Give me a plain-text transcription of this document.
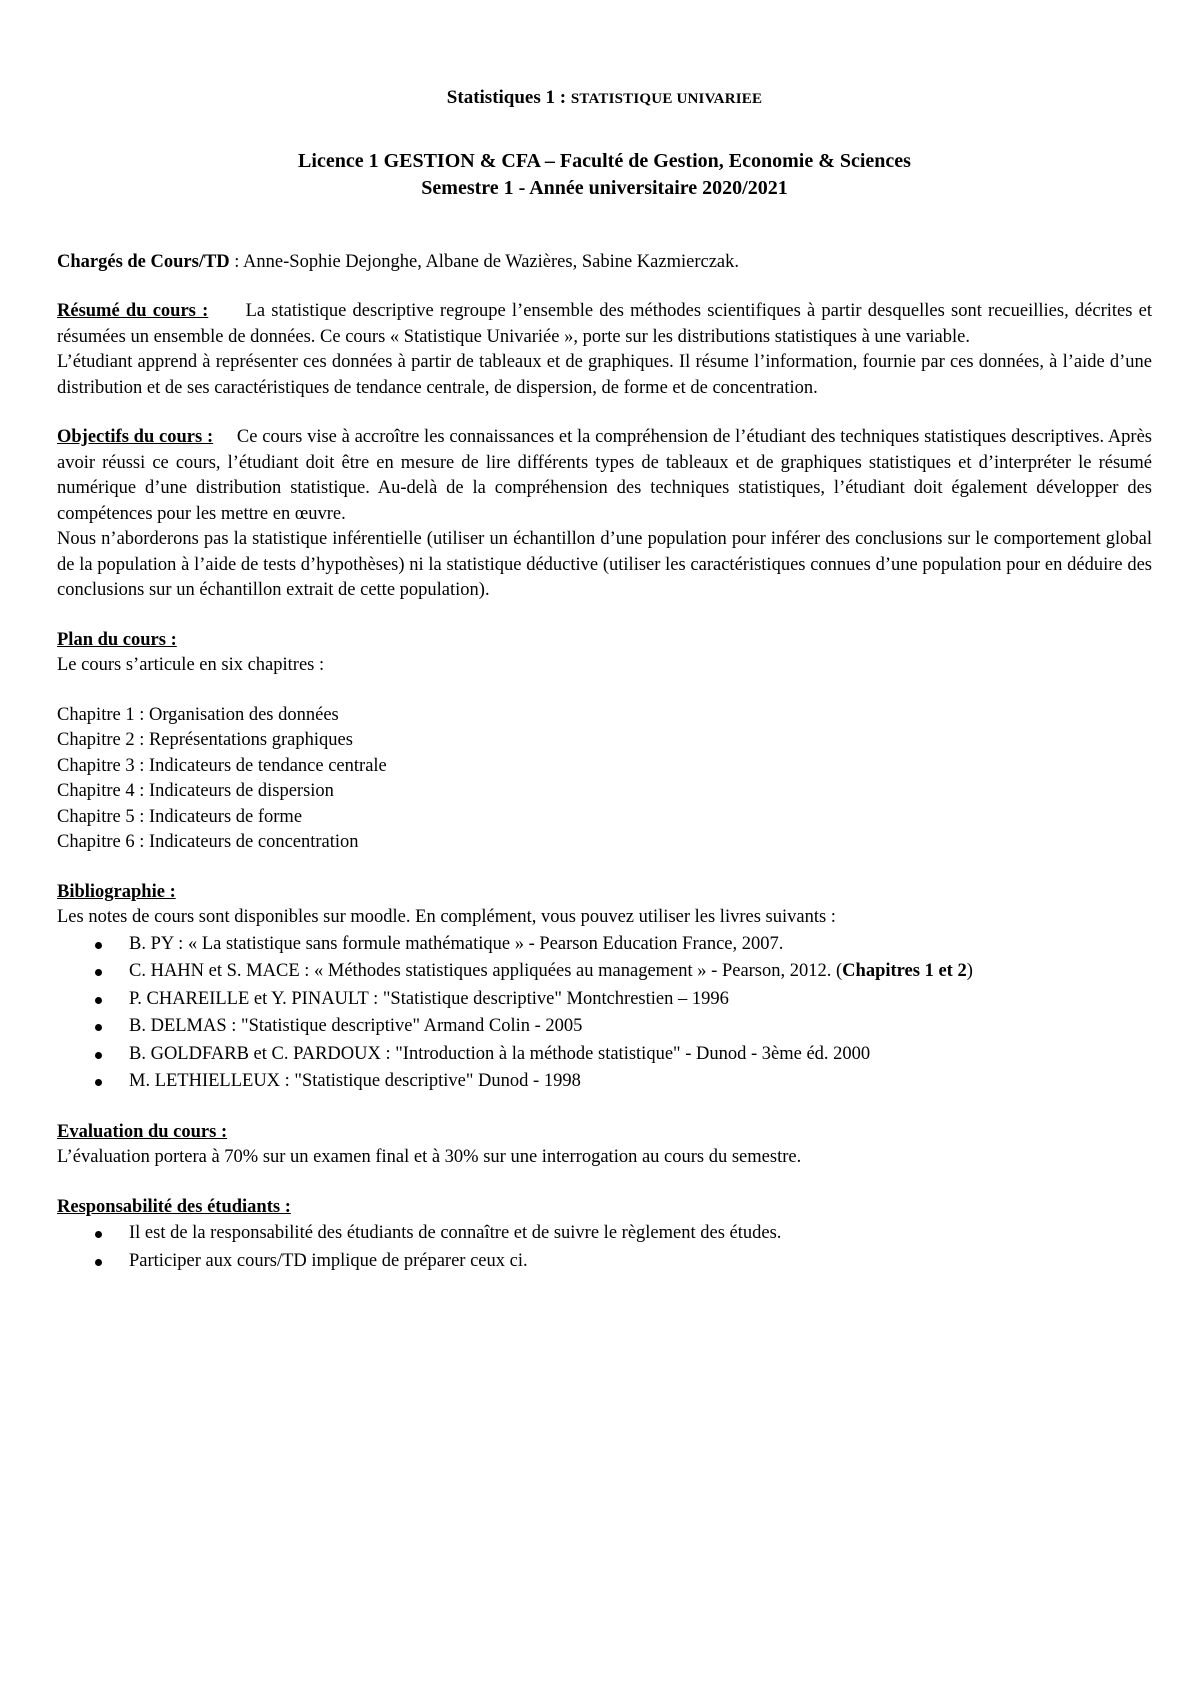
Statistiques 1 : STATISTIQUE UNIVARIEE

Licence 1 GESTION & CFA – Faculté de Gestion, Economie & Sciences

Semestre 1 - Année universitaire 2020/2021

Chargés de Cours/TD : Anne-Sophie Dejonghe, Albane de Wazières, Sabine Kazmierczak.

Résumé du cours : La statistique descriptive regroupe l’ensemble des méthodes scientifiques à partir desquelles sont recueillies, décrites et résumées un ensemble de données. Ce cours « Statistique Univariée », porte sur les distributions statistiques à une variable.

L’étudiant apprend à représenter ces données à partir de tableaux et de graphiques. Il résume l’information, fournie par ces données, à l’aide d’une distribution et de ses caractéristiques de tendance centrale, de dispersion, de forme et de concentration.

Objectifs du cours : Ce cours vise à accroître les connaissances et la compréhension de l’étudiant des techniques statistiques descriptives. Après avoir réussi ce cours, l’étudiant doit être en mesure de lire différents types de tableaux et de graphiques statistiques et d’interpréter le résumé numérique d’une distribution statistique. Au-delà de la compréhension des techniques statistiques, l’étudiant doit également développer des compétences pour les mettre en œuvre.

Nous n’aborderons pas la statistique inférentielle (utiliser un échantillon d’une population pour inférer des conclusions sur le comportement global de la population à l’aide de tests d’hypothèses) ni la statistique déductive (utiliser les caractéristiques connues d’une population pour en déduire des conclusions sur un échantillon extrait de cette population).

Plan du cours :

Le cours s’articule en six chapitres :

Chapitre 1 : Organisation des données

Chapitre 2 : Représentations graphiques

Chapitre 3 : Indicateurs de tendance centrale

Chapitre 4 : Indicateurs de dispersion

Chapitre 5 : Indicateurs de forme

Chapitre 6 : Indicateurs de concentration

Bibliographie :

Les notes de cours sont disponibles sur moodle. En complément, vous pouvez utiliser les livres suivants :

B. PY : « La statistique sans formule mathématique » - Pearson Education France, 2007.
C. HAHN et S. MACE : « Méthodes statistiques appliquées au management » - Pearson, 2012. (Chapitres 1 et 2)
P. CHAREILLE et Y. PINAULT : "Statistique descriptive" Montchrestien – 1996
B. DELMAS : "Statistique descriptive" Armand Colin - 2005
B. GOLDFARB et C. PARDOUX : "Introduction à la méthode statistique" - Dunod - 3ème éd. 2000
M. LETHIELLEUX : "Statistique descriptive" Dunod - 1998

Evaluation du cours :

L’évaluation portera à 70% sur un examen final et à 30% sur une interrogation au cours du semestre.

Responsabilité des étudiants :

Il est de la responsabilité des étudiants de connaître et de suivre le règlement des études.
Participer aux cours/TD implique de préparer ceux ci.
